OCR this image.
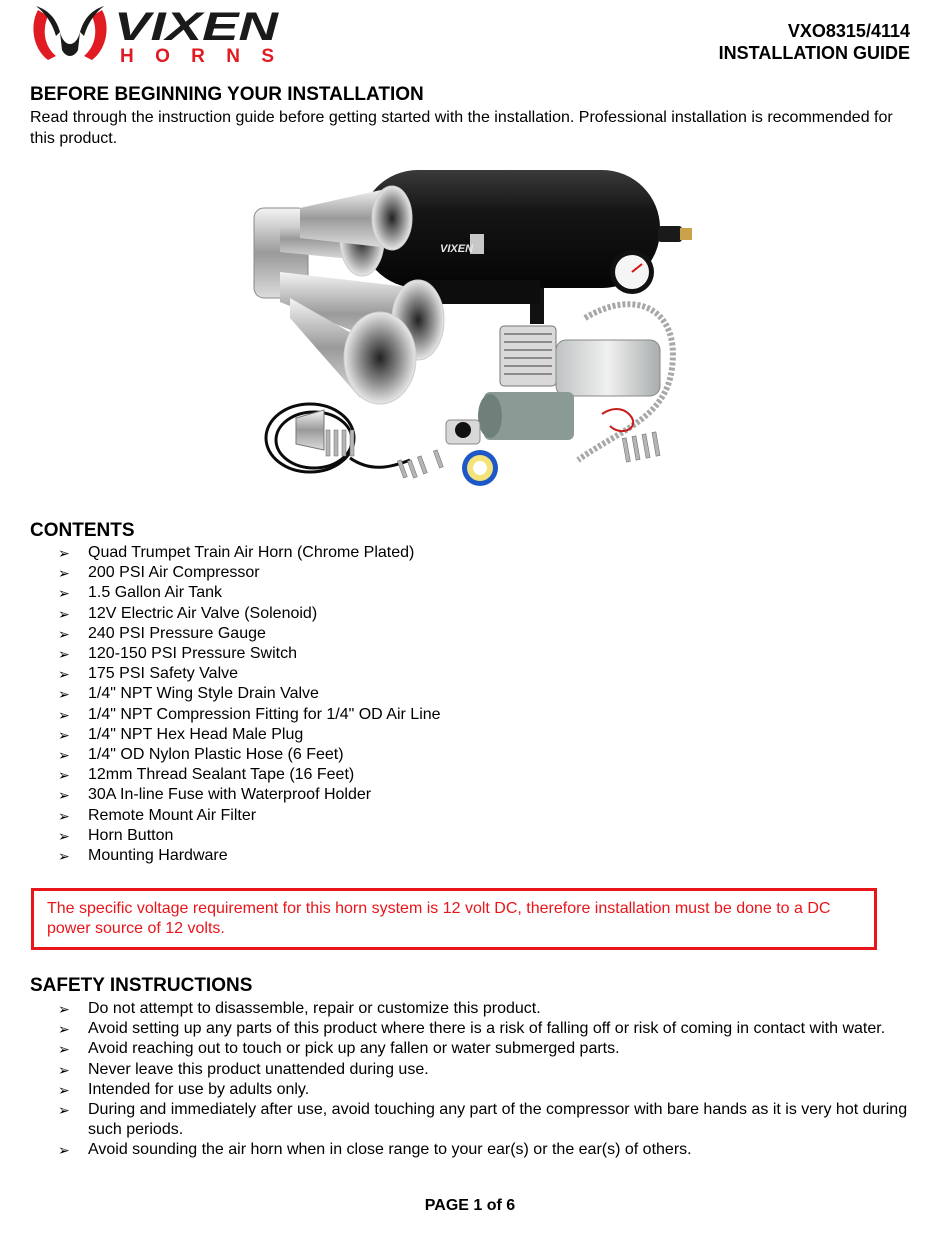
VIXEN
HORNS
VXO8315/4114
INSTALLATION GUIDE
BEFORE BEGINNING YOUR INSTALLATION
Read through the instruction guide before getting started with the installation. Professional installation is recommended for this product.
VIXEN
CONTENTS
➢ Quad Trumpet Train Air Horn (Chrome Plated)
➢ 200 PSI Air Compressor
➢ 1.5 Gallon Air Tank
➢ 12V Electric Air Valve (Solenoid)
➢ 240 PSI Pressure Gauge
➢ 120-150 PSI Pressure Switch
➢ 175 PSI Safety Valve
➢ 1/4" NPT Wing Style Drain Valve
➢ 1/4" NPT Compression Fitting for 1/4" OD Air Line
➢ 1/4" NPT Hex Head Male Plug
➢ 1/4" OD Nylon Plastic Hose (6 Feet)
➢ 12mm Thread Sealant Tape (16 Feet)
➢ 30A In-line Fuse with Waterproof Holder
➢ Remote Mount Air Filter
➢ Horn Button
➢ Mounting Hardware
The specific voltage requirement for this horn system is 12 volt DC, therefore installation must be done to a DC power source of 12 volts.
SAFETY INSTRUCTIONS
➢ Do not attempt to disassemble, repair or customize this product.
➢ Avoid setting up any parts of this product where there is a risk of falling off or risk of coming in contact with water.
➢ Avoid reaching out to touch or pick up any fallen or water submerged parts.
➢ Never leave this product unattended during use.
➢ Intended for use by adults only.
➢ During and immediately after use, avoid touching any part of the compressor with bare hands as it is very hot during such periods.
➢ Avoid sounding the air horn when in close range to your ear(s) or the ear(s) of others.
PAGE 1 of 6
